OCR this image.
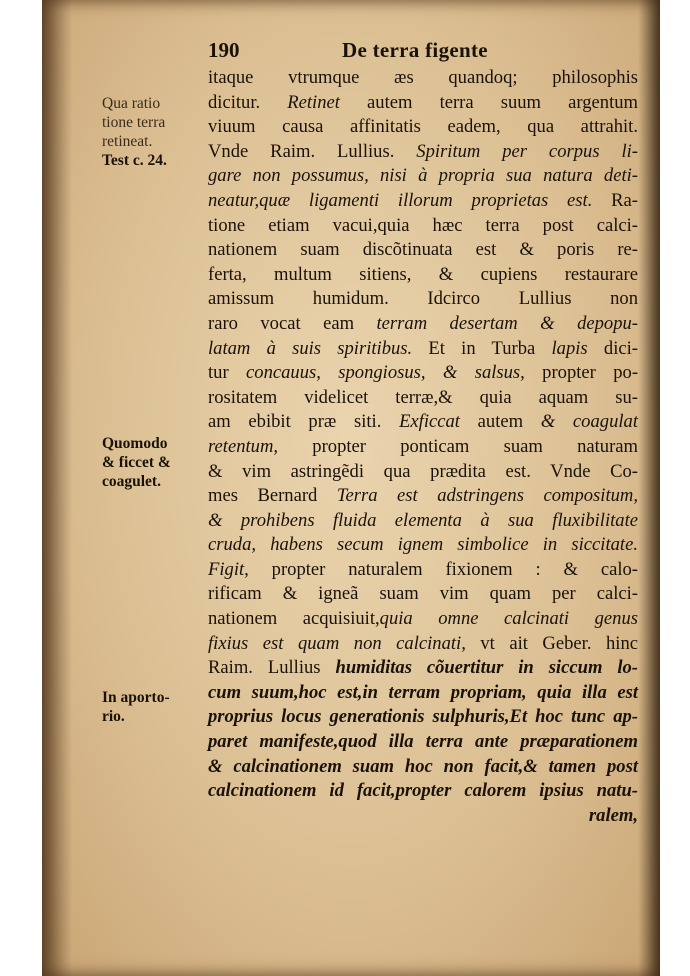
190	De terra figente
Qua ratio
tione terra
retineat.
Test c. 24.
Quomodo
& ficcet &
coagulet.
In aporto-
rio.
itaque vtrumque æs quandoq; philosophis
dicitur. Retinet autem terra suum argentum
viuum causa affinitatis eadem, qua attrahit.
Vnde Raim. Lullius. Spiritum per corpus li-
gare non possumus, nisi à propria sua natura deti-
neatur,quæ ligamenti illorum proprietas est. Ra-
tione etiam vacui,quia hæc terra post calci-
nationem suam discõtinuata est & poris re-
ferta, multum sitiens, & cupiens restaurare
amissum humidum. Idcirco Lullius non
raro vocat eam terram desertam & depopu-
latam à suis spiritibus. Et in Turba lapis dici-
tur concauus, spongiosus, & salsus, propter po-
rositatem videlicet terræ,& quia aquam su-
am ebibit præ siti. Exficcat autem & coagulat
retentum, propter ponticam suam naturam
& vim astringẽdi qua prædita est. Vnde Co-
mes Bernard Terra est adstringens compositum,
& prohibens fluida elementa à sua fluxibilitate
cruda, habens secum ignem simbolice in siccitate.
Figit, propter naturalem fixionem : & calo-
rificam & igneã suam vim quam per calci-
nationem acquisiuit,quia omne calcinati genus
fixius est quam non calcinati, vt ait Geber. hinc
Raim. Lullius humiditas cõuertitur in siccum lo-
cum suum,hoc est,in terram propriam, quia illa est
proprius locus generationis sulphuris,Et hoc tunc ap-
paret manifeste,quod illa terra ante præparationem
& calcinationem suam hoc non facit,& tamen post
calcinationem id facit,propter calorem ipsius natu-
ralem,
